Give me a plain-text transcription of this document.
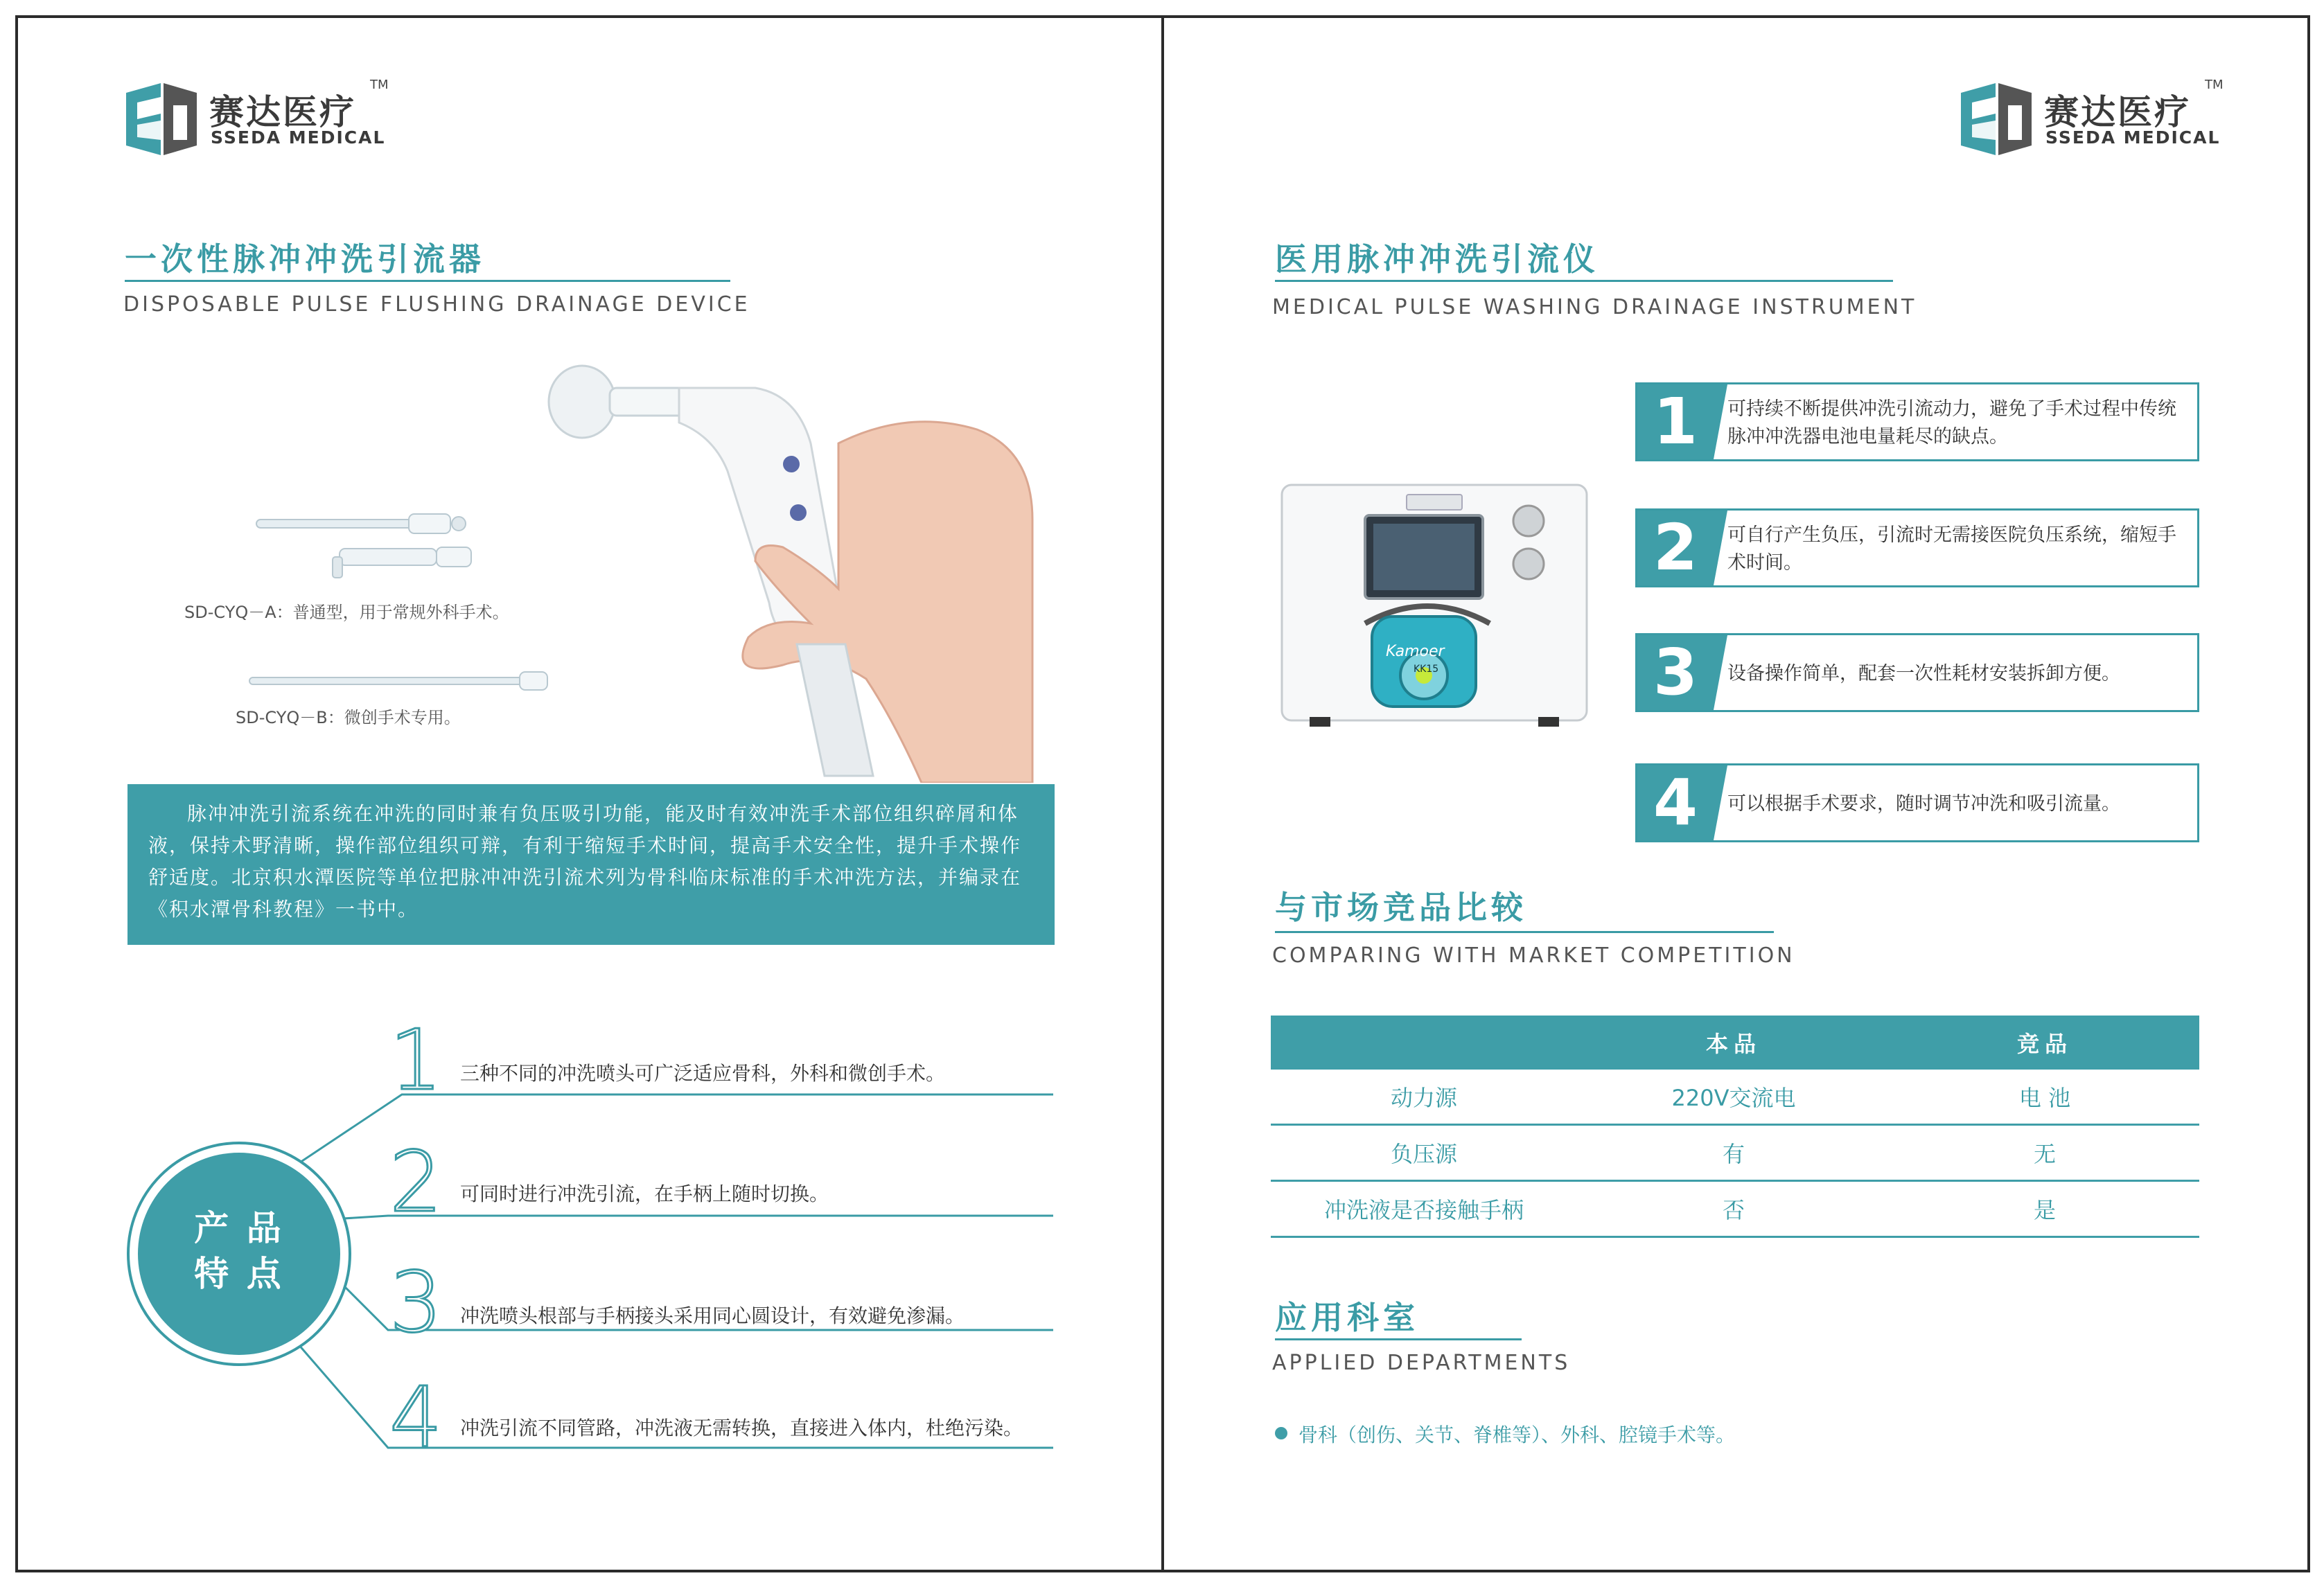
赛达医疗
SSEDA MEDICAL
TM
一次性脉冲冲洗引流器
DISPOSABLE PULSE FLUSHING DRAINAGE DEVICE
SD-CYQ－A：普通型，用于常规外科手术。
SD-CYQ－B：微创手术专用。
脉冲冲洗引流系统在冲洗的同时兼有负压吸引功能，能及时有效冲洗手术部位组织碎屑和体液，保持术野清晰，操作部位组织可辩，有利于缩短手术时间，提高手术安全性，提升手术操作舒适度。北京积水潭医院等单位把脉冲冲洗引流术列为骨科临床标准的手术冲洗方法，并编录在《积水潭骨科教程》一书中。
产 品
特 点
1 三种不同的冲洗喷头可广泛适应骨科，外科和微创手术。
2 可同时进行冲洗引流，在手柄上随时切换。
3 冲洗喷头根部与手柄接头采用同心圆设计，有效避免渗漏。
4 冲洗引流不同管路，冲洗液无需转换，直接进入体内，杜绝污染。
赛达医疗
SSEDA MEDICAL
TM
医用脉冲冲洗引流仪
MEDICAL PULSE WASHING DRAINAGE INSTRUMENT
Kamoer
KK15
1	可持续不断提供冲洗引流动力，避免了手术过程中传统脉冲冲洗器电池电量耗尽的缺点。
2	可自行产生负压，引流时无需接医院负压系统，缩短手术时间。
3	设备操作简单，配套一次性耗材安装拆卸方便。
4	可以根据手术要求，随时调节冲洗和吸引流量。
与市场竞品比较
COMPARING WITH MARKET COMPETITION
	本品	竞品
动力源	220V交流电	电 池
负压源	有	无
冲洗液是否接触手柄	否	是
应用科室
APPLIED DEPARTMENTS
骨科（创伤、关节、脊椎等）、外科、腔镜手术等。
